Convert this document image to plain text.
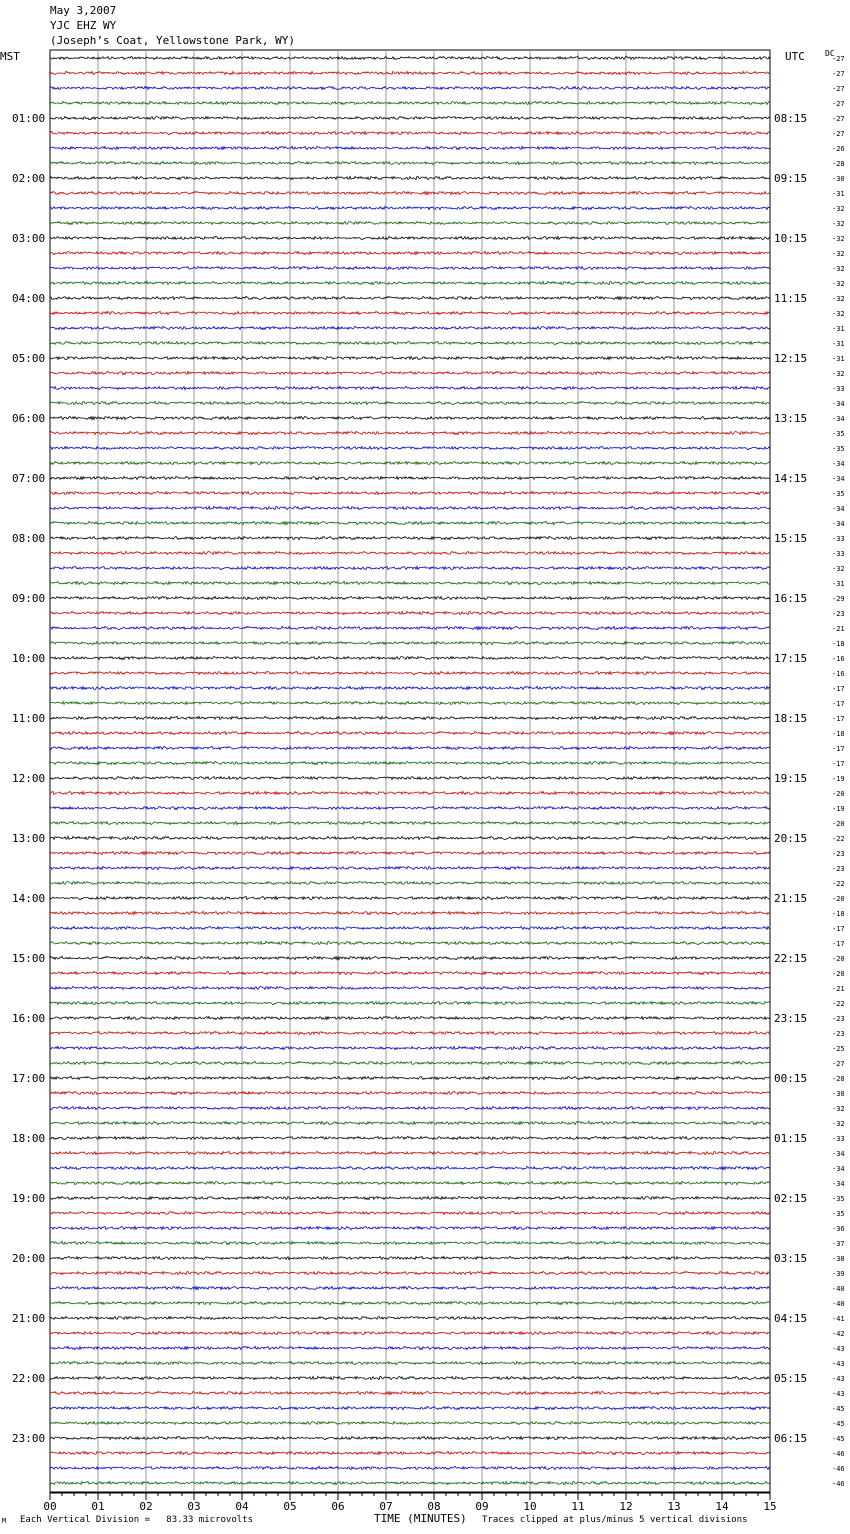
01:00
02:00
03:00
04:00
05:00
06:00
07:00
08:00
09:00
10:00
11:00
12:00
13:00
14:00
15:00
16:00
17:00
18:00
19:00
20:00
21:00
22:00
23:00
08:15
09:15
10:15
11:15
12:15
13:15
14:15
15:15
16:15
17:15
18:15
19:15
20:15
21:15
22:15
23:15
00:15
01:15
02:15
03:15
04:15
05:15
06:15
-27
-27
-27
-27
-27
-27
-26
-28
-30
-31
-32
-32
-32
-32
-32
-32
-32
-32
-31
-31
-31
-32
-33
-34
-34
-35
-35
-34
-34
-35
-34
-34
-33
-33
-32
-31
-29
-23
-21
-18
-16
-16
-17
-17
-17
-18
-17
-17
-19
-20
-19
-20
-22
-23
-23
-22
-20
-18
-17
-17
-20
-20
-21
-22
-23
-23
-25
-27
-28
-30
-32
-32
-33
-34
-34
-34
-35
-35
-36
-37
-38
-39
-40
-40
-41
-42
-43
-43
-43
-43
-45
-45
-45
-46
-46
-46
00	01	02	03	04	05	06	07	08	09	10	11	12	13	14	15
May 3,2007
YJC EHZ WY
(Joseph’s Coat, Yellowstone Park, WY)
MST	UTC	DC
M Each Vertical Division =   83.33 microvolts	TIME (MINUTES) Traces clipped at plus/minus 5 vertical divisions
